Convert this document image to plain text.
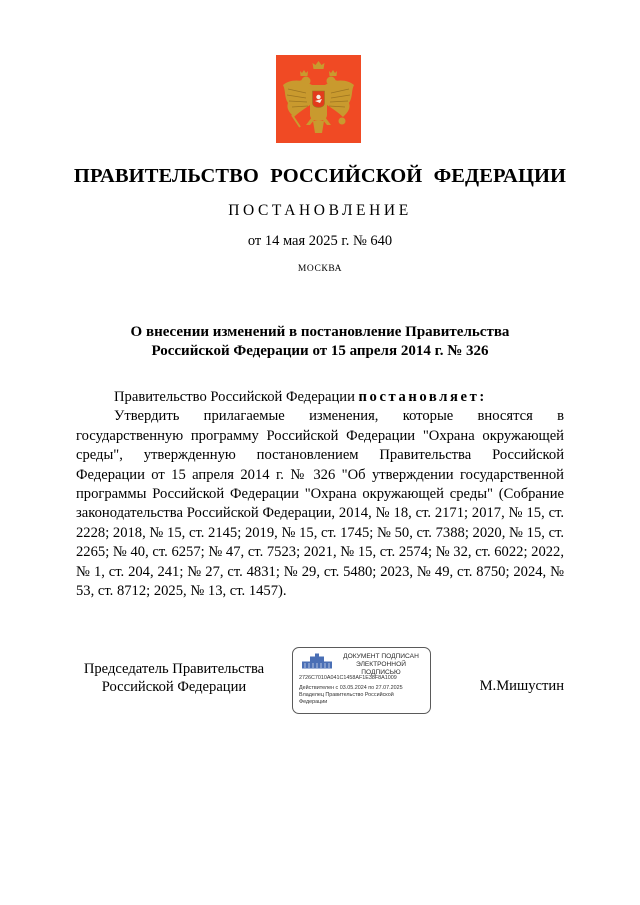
ПРАВИТЕЛЬСТВО РОССИЙСКОЙ ФЕДЕРАЦИИ
ПОСТАНОВЛЕНИЕ
от 14 мая 2025 г. № 640
МОСКВА
О внесении изменений в постановление Правительства
Российской Федерации от 15 апреля 2014 г. № 326

Правительство Российской Федерации постановляет:

Утвердить прилагаемые изменения, которые вносятся в государственную программу Российской Федерации "Охрана окружающей среды", утвержденную постановлением Правительства Российской Федерации от 15 апреля 2014 г. № 326 "Об утверждении государственной программы Российской Федерации "Охрана окружающей среды" (Собрание законодательства Российской Федерации, 2014, № 18, ст. 2171; 2017, № 15, ст. 2228; 2018, № 15, ст. 2145; 2019, № 15, ст. 1745; № 50, ст. 7388; 2020, № 15, ст. 2265; № 40, ст. 6257; № 47, ст. 7523; 2021, № 15, ст. 2574; № 32, ст. 6022; 2022, № 1, ст. 204, 241; № 27, ст. 4831; № 29, ст. 5480; 2023, № 49, ст. 8750; 2024, № 53, ст. 8712; 2025, № 13, ст. 1457).

Председатель Правительства
Российской Федерации
ДОКУМЕНТ ПОДПИСАН
ЭЛЕКТРОННОЙ ПОДПИСЬЮ
2726C7010A041C1458AF1E38F8A1009
Действителен с 03.05.2024 по 27.07.2025
Владелец Правительство Российской
Федерации
М.Мишустин
